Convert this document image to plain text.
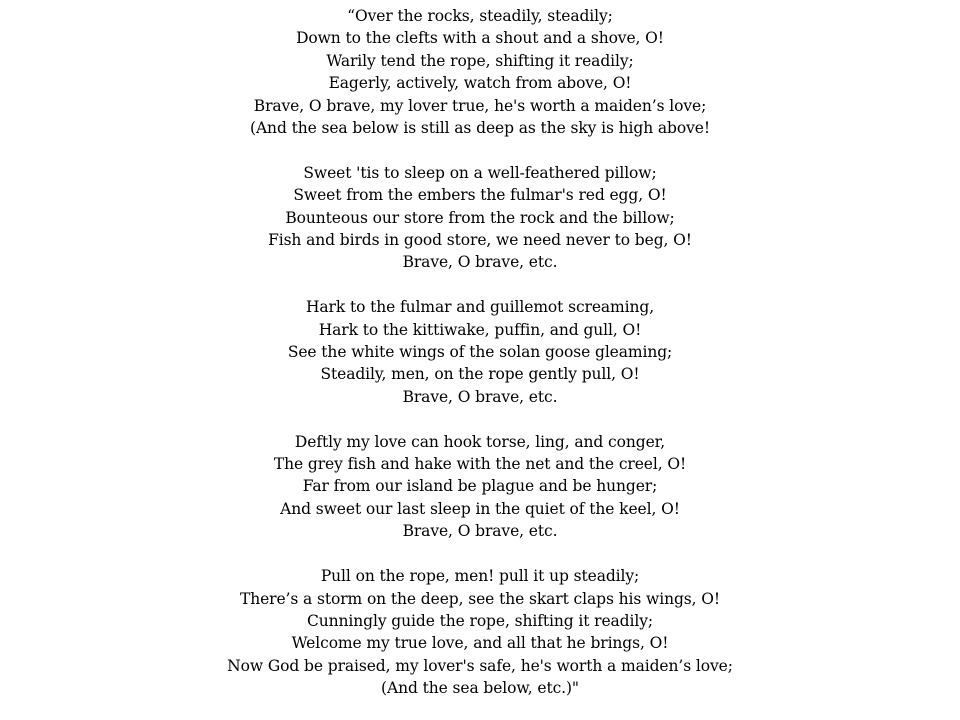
“Over the rocks, steadily, steadily;
Down to the clefts with a shout and a shove, O!
Warily tend the rope, shifting it readily;
Eagerly, actively, watch from above, O!
Brave, O brave, my lover true, he's worth a maiden’s love;
(And the sea below is still as deep as the sky is high above!
Sweet 'tis to sleep on a well-feathered pillow;
Sweet from the embers the fulmar's red egg, O!
Bounteous our store from the rock and the billow;
Fish and birds in good store, we need never to beg, O!
Brave, O brave, etc.
Hark to the fulmar and guillemot screaming,
Hark to the kittiwake, puffin, and gull, O!
See the white wings of the solan goose gleaming;
Steadily, men, on the rope gently pull, O!
Brave, O brave, etc.
Deftly my love can hook torse, ling, and conger,
The grey fish and hake with the net and the creel, O!
Far from our island be plague and be hunger;
And sweet our last sleep in the quiet of the keel, O!
Brave, O brave, etc.
Pull on the rope, men! pull it up steadily;
There’s a storm on the deep, see the skart claps his wings, O!
Cunningly guide the rope, shifting it readily;
Welcome my true love, and all that he brings, O!
Now God be praised, my lover's safe, he's worth a maiden’s love;
(And the sea below, etc.)"
